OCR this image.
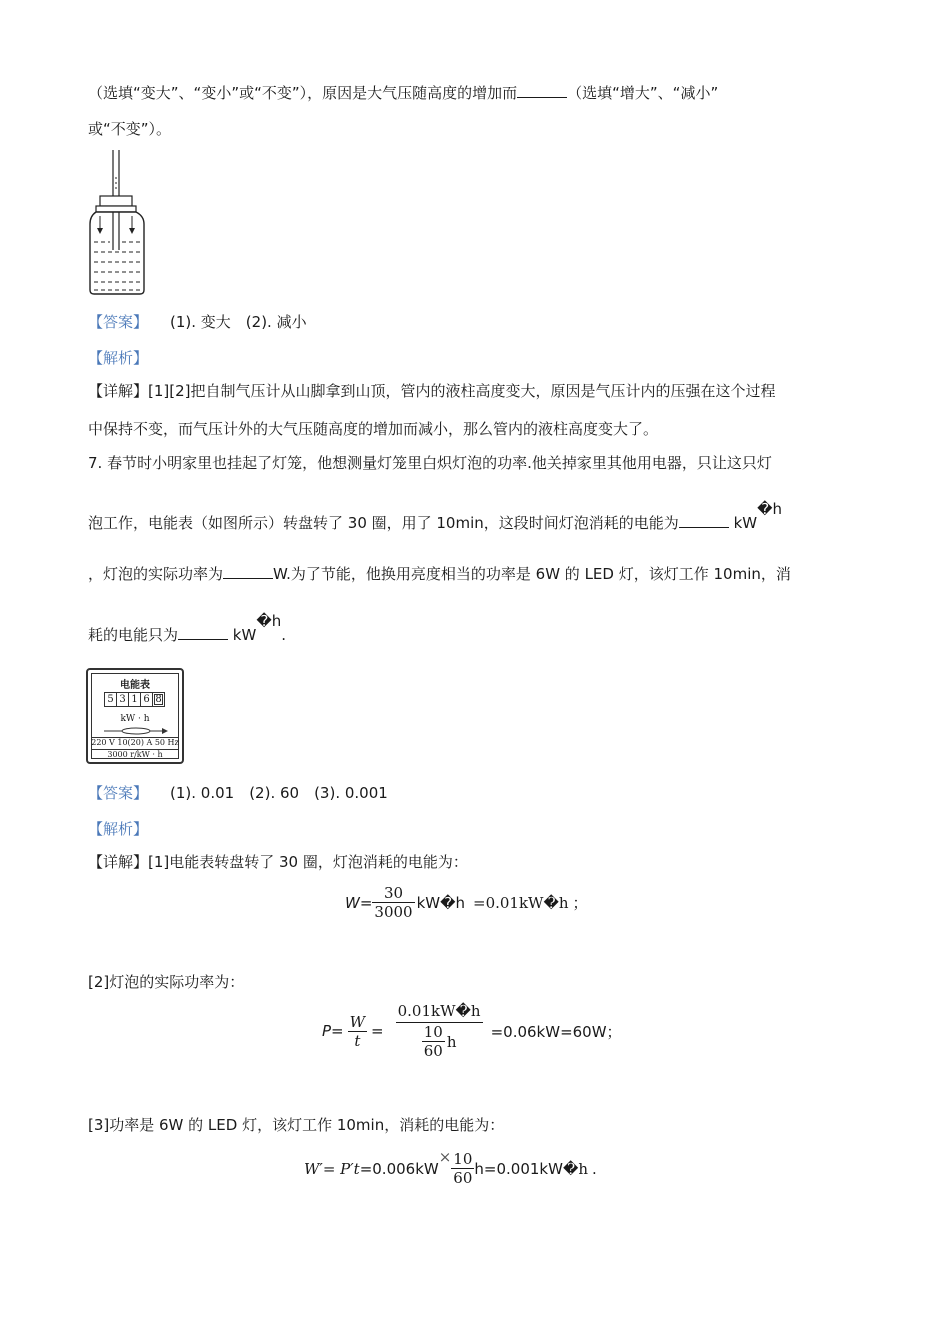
（选填“变大”、“变小”或“不变”），原因是大气压随高度的增加而	（选填“增大”、“减小”
或“不变”）。
【答案】 (1). 变大　(2). 减小
【解析】
【详解】[1][2]把自制气压计从山脚拿到山顶，管内的液柱高度变大，原因是气压计内的压强在这个过程
中保持不变，而气压计外的大气压随高度的增加而减小，那么管内的液柱高度变大了。
7. 春节时小明家里也挂起了灯笼，他想测量灯笼里白炽灯泡的功率.他关掉家里其他用电器，只让这只灯
泡工作，电能表（如图所示）转盘转了 30 圈，用了 10min，这段时间灯泡消耗的电能为	kW�h
，灯泡的实际功率为	W.为了节能，他换用亮度相当的功率是 6W 的 LED 灯，该灯工作 10min，消
耗的电能只为	kW�h.
电能表
5 3 1 6 8
kW · h
220 V 10(20) A 50 Hz
3000 r/kW · h
【答案】 (1). 0.01　(2). 60　(3). 0.001
【解析】
【详解】[1]电能表转盘转了 30 圈，灯泡消耗的电能为：
$W= \frac{30}{3000}$ kW�h =0.01kW�h ；
[2]灯泡的实际功率为：
$P= \frac{W}{t} = \frac{0.01kW�h}{\frac{10}{60} h} =0.06kW=60W$；
[3]功率是 6W 的 LED 灯，该灯工作 10min，消耗的电能为：
W′= P′t =0.006kW
× $\frac{10}{60} h=0.001kW$ �h .
